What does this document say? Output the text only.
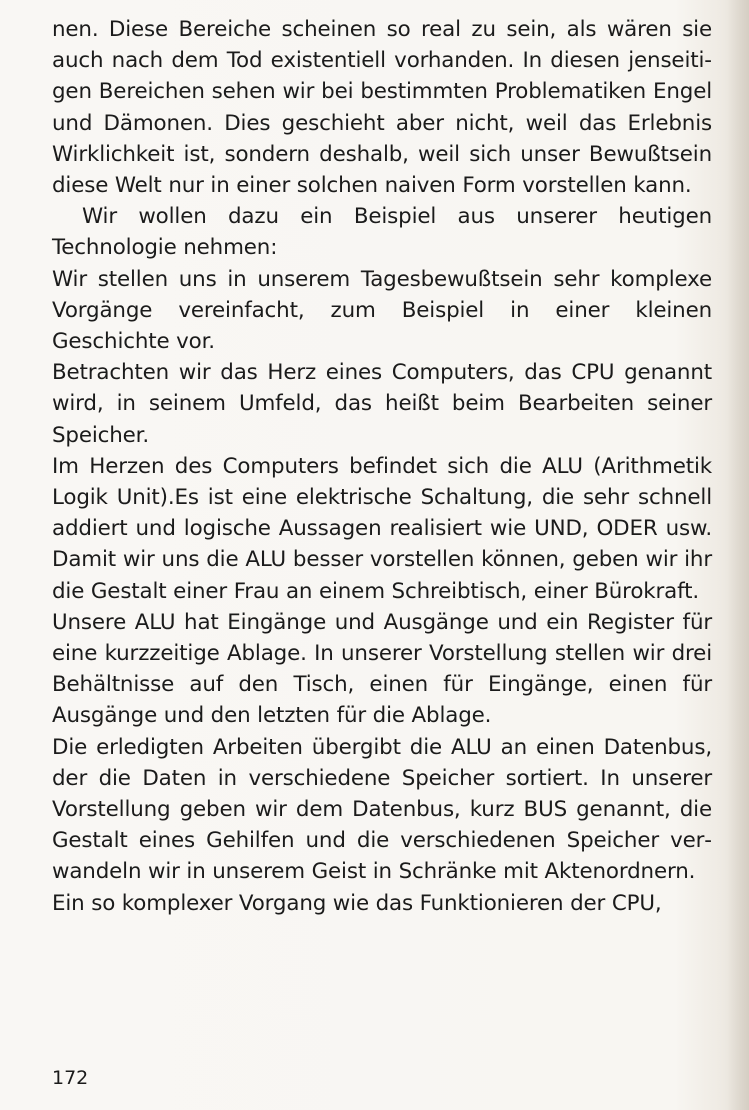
nen. Diese Bereiche scheinen so real zu sein, als wären sie auch nach dem Tod existentiell vorhanden. In diesen jenseitigen Bereichen sehen wir bei bestimmten Problematiken Engel und Dämonen. Dies geschieht aber nicht, weil das Erlebnis Wirklichkeit ist, sondern deshalb, weil sich unser Bewußtsein diese Welt nur in einer solchen naiven Form vorstellen kann.

Wir wollen dazu ein Beispiel aus unserer heutigen Technologie nehmen:

Wir stellen uns in unserem Tagesbewußtsein sehr komplexe Vorgänge vereinfacht, zum Beispiel in einer kleinen Geschichte vor.

Betrachten wir das Herz eines Computers, das CPU genannt wird, in seinem Umfeld, das heißt beim Bearbeiten seiner Speicher.

Im Herzen des Computers befindet sich die ALU (Arithmetik Logik Unit).Es ist eine elektrische Schaltung, die sehr schnell addiert und logische Aussagen realisiert wie UND, ODER usw. Damit wir uns die ALU besser vorstellen können, geben wir ihr die Gestalt einer Frau an einem Schreibtisch, einer Bürokraft.

Unsere ALU hat Eingänge und Ausgänge und ein Register für eine kurzzeitige Ablage. In unserer Vorstellung stellen wir drei Behältnisse auf den Tisch, einen für Eingänge, einen für Ausgänge und den letzten für die Ablage.

Die erledigten Arbeiten übergibt die ALU an einen Datenbus, der die Daten in verschiedene Speicher sortiert. In unserer Vorstellung geben wir dem Datenbus, kurz BUS genannt, die Gestalt eines Gehilfen und die verschiedenen Speicher verwandeln wir in unserem Geist in Schränke mit Aktenordnern.

Ein so komplexer Vorgang wie das Funktionieren der CPU,

172
